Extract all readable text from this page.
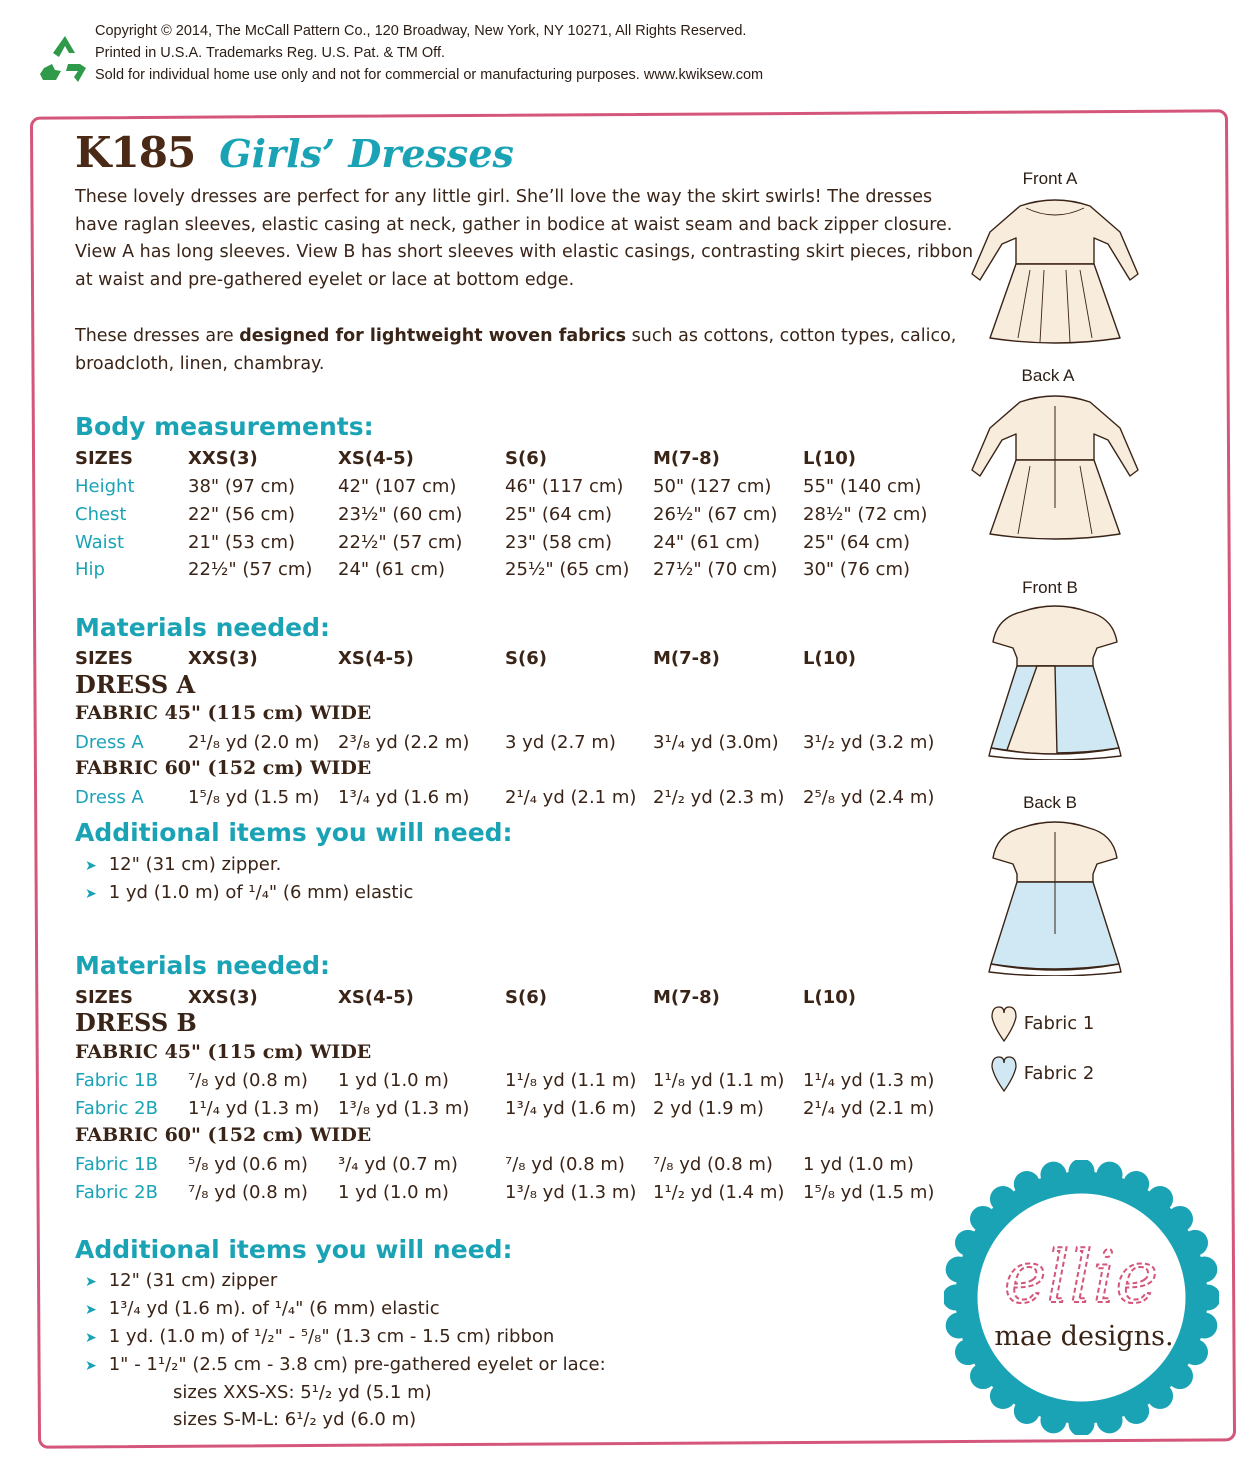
Copyright © 2014, The McCall Pattern Co., 120 Broadway, New York, NY 10271, All Rights Reserved.
Printed in U.S.A. Trademarks Reg. U.S. Pat. & TM Off.
Sold for individual home use only and not for commercial or manufacturing purposes. www.kwiksew.com
K185 Girls’ Dresses
These lovely dresses are perfect for any little girl. She’ll love the way the skirt swirls! The dresses have raglan sleeves, elastic casing at neck, gather in bodice at waist seam and back zipper closure. View A has long sleeves. View B has short sleeves with elastic casings, contrasting skirt pieces, ribbon at waist and pre-gathered eyelet or lace at bottom edge.
These dresses are designed for lightweight woven fabrics such as cottons, cotton types, calico, broadcloth, linen, chambray.
Body measurements:
SIZES	XXS(3)	XS(4-5)	S(6)	M(7-8)	L(10)
Height	38" (97 cm) 42" (107 cm)	46" (117 cm) 50" (127 cm) 55" (140 cm)
Chest	22" (56 cm) 23½" (60 cm) 25" (64 cm) 26½" (67 cm) 28½" (72 cm)
Waist	21" (53 cm) 22½" (57 cm) 23" (58 cm) 24" (61 cm) 25" (64 cm)
Hip	22½" (57 cm) 24" (61 cm)	25½" (65 cm) 27½" (70 cm) 30" (76 cm)
Materials needed:
SIZES	XXS(3)	XS(4-5)	S(6)	M(7-8)	L(10)
DRESS A
FABRIC 45" (115 cm) WIDE
Dress A 2¹/₈ yd (2.0 m) 2³/₈ yd (2.2 m) 3 yd (2.7 m) 3¹/₄ yd (3.0m) 3¹/₂ yd (3.2 m)
FABRIC 60" (152 cm) WIDE
Dress A 1⁵/₈ yd (1.5 m) 1³/₄ yd (1.6 m) 2¹/₄ yd (2.1 m) 2¹/₂ yd (2.3 m) 2⁵/₈ yd (2.4 m)
Additional items you will need:
➤ 12" (31 cm) zipper.
➤ 1 yd (1.0 m) of ¹/₄" (6 mm) elastic
Materials needed:
SIZES	XXS(3)	XS(4-5)	S(6)	M(7-8)	L(10)
DRESS B
FABRIC 45" (115 cm) WIDE
Fabric 1B ⁷/₈ yd (0.8 m) 1 yd (1.0 m)	1¹/₈ yd (1.1 m) 1¹/₈ yd (1.1 m) 1¹/₄ yd (1.3 m)
Fabric 2B 1¹/₄ yd (1.3 m) 1³/₈ yd (1.3 m) 1³/₄ yd (1.6 m) 2 yd (1.9 m) 2¹/₄ yd (2.1 m)
FABRIC 60" (152 cm) WIDE
Fabric 1B ⁵/₈ yd (0.6 m) ³/₄ yd (0.7 m)	⁷/₈ yd (0.8 m) ⁷/₈ yd (0.8 m) 1 yd (1.0 m)
Fabric 2B ⁷/₈ yd (0.8 m) 1 yd (1.0 m)	1³/₈ yd (1.3 m) 1¹/₂ yd (1.4 m) 1⁵/₈ yd (1.5 m)
Additional items you will need:
➤ 12" (31 cm) zipper
➤ 1³/₄ yd (1.6 m). of ¹/₄" (6 mm) elastic
➤ 1 yd. (1.0 m) of ¹/₂" - ⁵/₈" (1.3 cm - 1.5 cm) ribbon
➤ 1" - 1¹/₂" (2.5 cm - 3.8 cm) pre-gathered eyelet or lace:
sizes XXS-XS: 5¹/₂ yd (5.1 m)
sizes S-M-L: 6¹/₂ yd (6.0 m)
Front A
Back A
Front B
Back B
Fabric 1
Fabric 2
ellie
mae designs.
